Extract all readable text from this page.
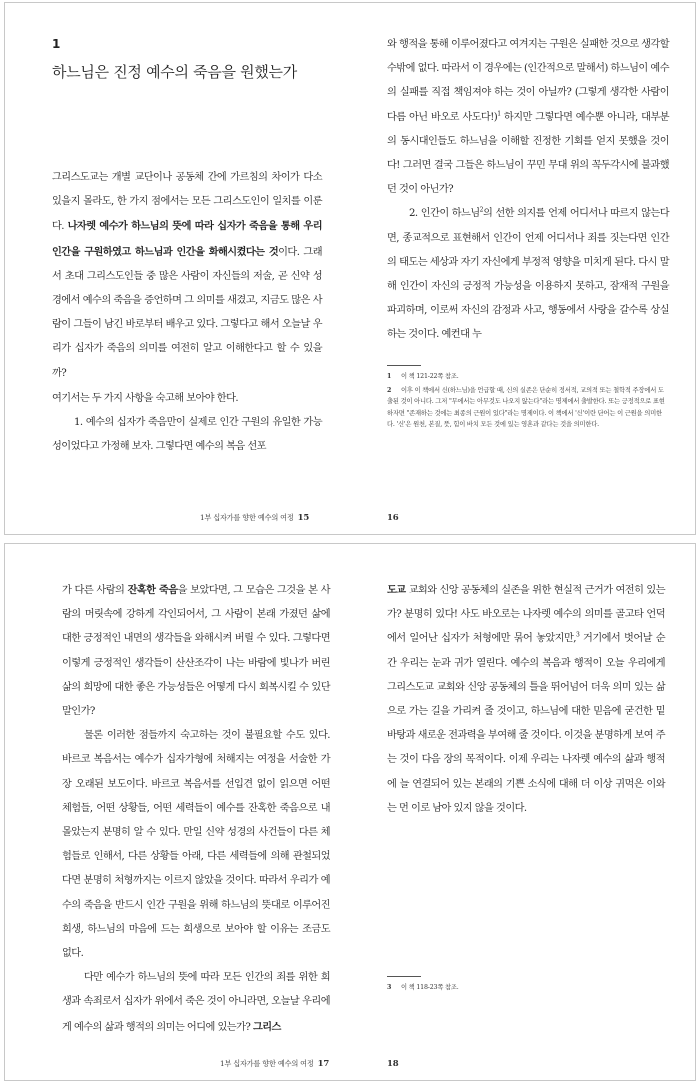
1
하느님은 진정 예수의 죽음을 원했는가

그리스도교는 개별 교단이나 공동체 간에 가르침의 차이가 다소 있을지 몰라도, 한 가지 점에서는 모든 그리스도인이 일치를 이룬다. 나자렛 예수가 하느님의 뜻에 따라 십자가 죽음을 통해 우리 인간을 구원하였고 하느님과 인간을 화해시켰다는 것이다. 그래서 초대 그리스도인들 중 많은 사람이 자신들의 저술, 곧 신약 성경에서 예수의 죽음을 증언하며 그 의미를 새겼고, 지금도 많은 사람이 그들이 남긴 바로부터 배우고 있다. 그렇다고 해서 오늘날 우리가 십자가 죽음의 의미를 여전히 알고 이해한다고 할 수 있을까?

여기서는 두 가지 사항을 숙고해 보아야 한다.

1. 예수의 십자가 죽음만이 실제로 인간 구원의 유일한 가능성이었다고 가정해 보자. 그렇다면 예수의 복음 선포

1부 십자가를 향한 예수의 여정 15

와 행적을 통해 이루어졌다고 여겨지는 구원은 실패한 것으로 생각할 수밖에 없다. 따라서 이 경우에는 (인간적으로 말해서) 하느님이 예수의 실패를 직접 책임져야 하는 것이 아닐까? (그렇게 생각한 사람이 다름 아닌 바오로 사도다!)$^1$ 하지만 그렇다면 예수뿐 아니라, 대부분의 동시대인들도 하느님을 이해할 진정한 기회를 얻지 못했을 것이다! 그러면 결국 그들은 하느님이 꾸민 무대 위의 꼭두각시에 불과했던 것이 아닌가?

2. 인간이 하느님$^2$의 선한 의지를 언제 어디서나 따르지 않는다면, 종교적으로 표현해서 인간이 언제 어디서나 죄를 짓는다면 인간의 태도는 세상과 자기 자신에게 부정적 영향을 미치게 된다. 다시 말해 인간이 자신의 긍정적 가능성을 이용하지 못하고, 잠재적 구원을 파괴하며, 이로써 자신의 감정과 사고, 행동에서 사랑을 갈수록 상실하는 것이다. 예컨대 누

1 이 책 121-22쪽 참조.

2 이후 이 책에서 신(하느님)을 언급할 때, 신의 실존은 단순히 정서적, 교의적 또는 철학적 주장에서 도출된 것이 아니다. 그저 "무에서는 아무것도 나오지 않는다"라는 명제에서 출발한다. 또는 긍정적으로 표현하자면 "존재하는 것에는 최종의 근원이 있다"라는 명제이다. 이 책에서 '신'이란 단어는 이 근원을 의미한다. '신'은 원천, 본질, 뜻, 힘이 바치 모든 것에 있는 영혼과 같다는 것을 의미한다.

16

가 다른 사람의 잔혹한 죽음을 보았다면, 그 모습은 그것을 본 사람의 머릿속에 강하게 각인되어서, 그 사람이 본래 가졌던 삶에 대한 긍정적인 내면의 생각들을 와해시켜 버릴 수 있다. 그렇다면 이렇게 긍정적인 생각들이 산산조각이 나는 바람에 빛나가 버린 삶의 희망에 대한 좋은 가능성들은 어떻게 다시 회복시킬 수 있단 말인가?

물론 이러한 점들까지 숙고하는 것이 불필요할 수도 있다. 바르코 복음서는 예수가 십자가형에 처해지는 여정을 서술한 가장 오래된 보도이다. 바르코 복음서를 선입견 없이 읽으면 어떤 체험들, 어떤 상황들, 어떤 세력들이 예수를 잔혹한 죽음으로 내몰았는지 분명히 알 수 있다. 만일 신약 성경의 사건들이 다른 체험들로 인해서, 다른 상황들 아래, 다른 세력들에 의해 관철되었다면 분명히 처형까지는 이르지 않았을 것이다. 따라서 우리가 예수의 죽음을 반드시 인간 구원을 위해 하느님의 뜻대로 이루어진 희생, 하느님의 마음에 드는 희생으로 보아야 할 이유는 조금도 없다.

다만 예수가 하느님의 뜻에 따라 모든 인간의 죄를 위한 희생과 속죄로서 십자가 위에서 죽은 것이 아니라면, 오늘날 우리에게 예수의 삶과 행적의 의미는 어디에 있는가? 그리스

1부 십자가를 향한 예수의 여정 17

도교 교회와 신앙 공동체의 실존을 위한 현실적 근거가 여전히 있는가? 분명히 있다! 사도 바오로는 나자렛 예수의 의미를 골고타 언덕에서 일어난 십자가 처형에만 묶어 놓았지만,$^3$ 거기에서 벗어날 순간 우리는 눈과 귀가 열린다. 예수의 복음과 행적이 오늘 우리에게 그리스도교 교회와 신앙 공동체의 틀을 뛰어넘어 더욱 의미 있는 삶으로 가는 길을 가리켜 줄 것이고, 하느님에 대한 믿음에 굳건한 밑바탕과 새로운 전과력을 부여해 줄 것이다. 이것을 분명하게 보여 주는 것이 다음 장의 목적이다. 이제 우리는 나자렛 예수의 삶과 행적에 늘 연결되어 있는 본래의 기쁜 소식에 대해 더 이상 귀먹은 이와는 먼 이로 남아 있지 않을 것이다.

3 이 책 118-23쪽 참조.

18
